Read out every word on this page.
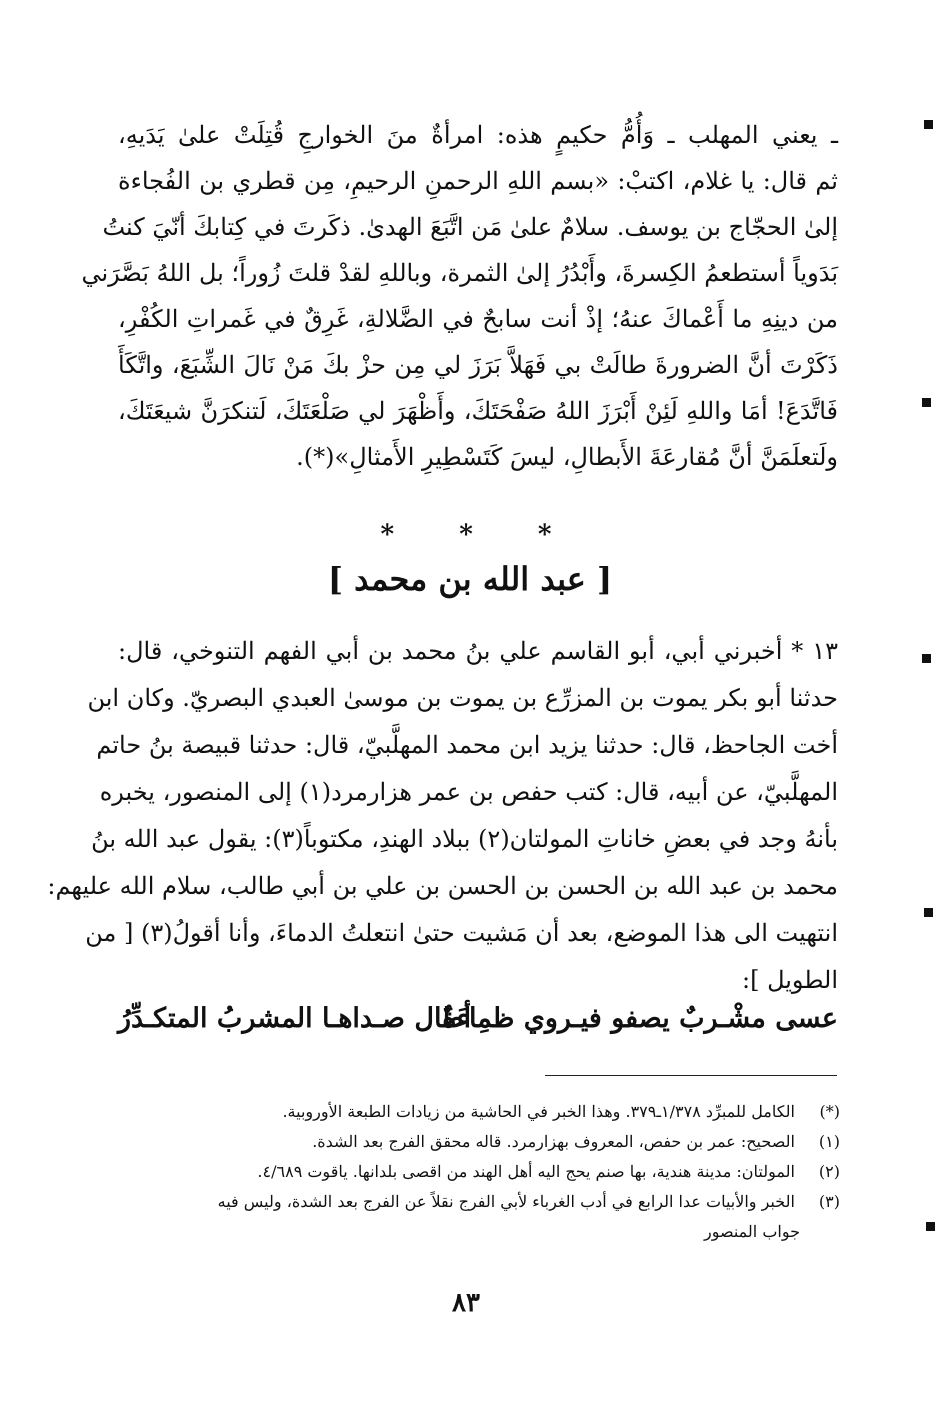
ـ يعني المهلب ـ وَأُمُّ حكيمٍ هذه: امرأةٌ منَ الخوارجِ قُتِلَتْ علىٰ يَدَيهِ،
ثم قال: يا غلام، اكتبْ: «بسم اللهِ الرحمنِ الرحيمِ، مِن قطري بن الفُجاءة
إلىٰ الحجّاج بن يوسف. سلامٌ علىٰ مَن اتَّبَعَ الهدىٰ. ذكَرتَ في كِتابكَ أنّيَ كنتُ
بَدَوياً أستطعمُ الكِسرةَ، وأَبْدُرُ إلىٰ الثمرة، وباللهِ لقدْ قلتَ زُوراً؛ بل اللهُ بَصَّرَني
من دينِهِ ما أَعْماكَ عنهُ؛ إذْ أنت سابحٌ في الضَّلالةِ، غَرِقٌ في غَمراتِ الكُفْرِ،
ذَكَرْتَ أنَّ الضرورةَ طالَتْ بي فَهَلاَّ بَرَزَ لي مِن حزْ بكَ مَنْ نَالَ الشِّبَعَ، واتَّكَأَ
فَاتَّدَعَ! أمَا واللهِ لَئِنْ أَبْرَزَ اللهُ صَفْحَتَكَ، وأَظْهَرَ لي صَلْعَتَكَ، لَتنكرَنَّ شيعَتَكَ،
ولَتعلَمَنَّ أنَّ مُقارعَةَ الأَبطالِ، ليسَ كَتَسْطِيرِ الأَمثالِ»(*).
* * *
[ عبد الله بن محمد ]
١٣ * أخبرني أبي، أبو القاسم علي بنُ محمد بن أبي الفهم التنوخي، قال:
حدثنا أبو بكر يموت بن المزرِّع بن يموت بن موسىٰ العبدي البصريّ. وكان ابن
أخت الجاحظ، قال: حدثنا يزيد ابن محمد المهلَّبيّ، قال: حدثنا قبيصة بنُ حاتم
المهلَّبيّ، عن أبيه، قال: كتب حفص بن عمر هزارمرد(١) إلى المنصور، يخبره
بأنهُ وجد في بعضِ خاناتِ المولتان(٢) ببلاد الهندِ، مكتوباً(٣): يقول عبد الله بنُ
محمد بن عبد الله بن الحسن بن الحسن بن علي بن أبي طالب، سلام الله عليهم:
انتهيت الى هذا الموضع، بعد أن مَشيت حتىٰ انتعلتُ الدماءَ، وأنا أقولُ(٣) [ من
الطويل ]:
عسى مشْـربٌ يصفو فيـروي ظمِاءَةٌ
أطال صـداهـا المشربُ المتكـدِّرُ
(*) الكامل للمبرِّد ١/٣٧٨ـ٣٧٩. وهذا الخبر في الحاشية من زيادات الطبعة الأوروبية.
(١) الصحيح: عمر بن حفص، المعروف بهزارمرد. قاله محقق الفرج بعد الشدة.
(٢) المولتان: مدينة هندية، بها صنم يحج اليه أهل الهند من اقصى بلدانها. ياقوت ٤/٦٨٩.
(٣) الخبر والأبيات عدا الرابع في أدب الغرباء لأبي الفرج نقلاً عن الفرج بعد الشدة، وليس فيه
جواب المنصور
٨٣
